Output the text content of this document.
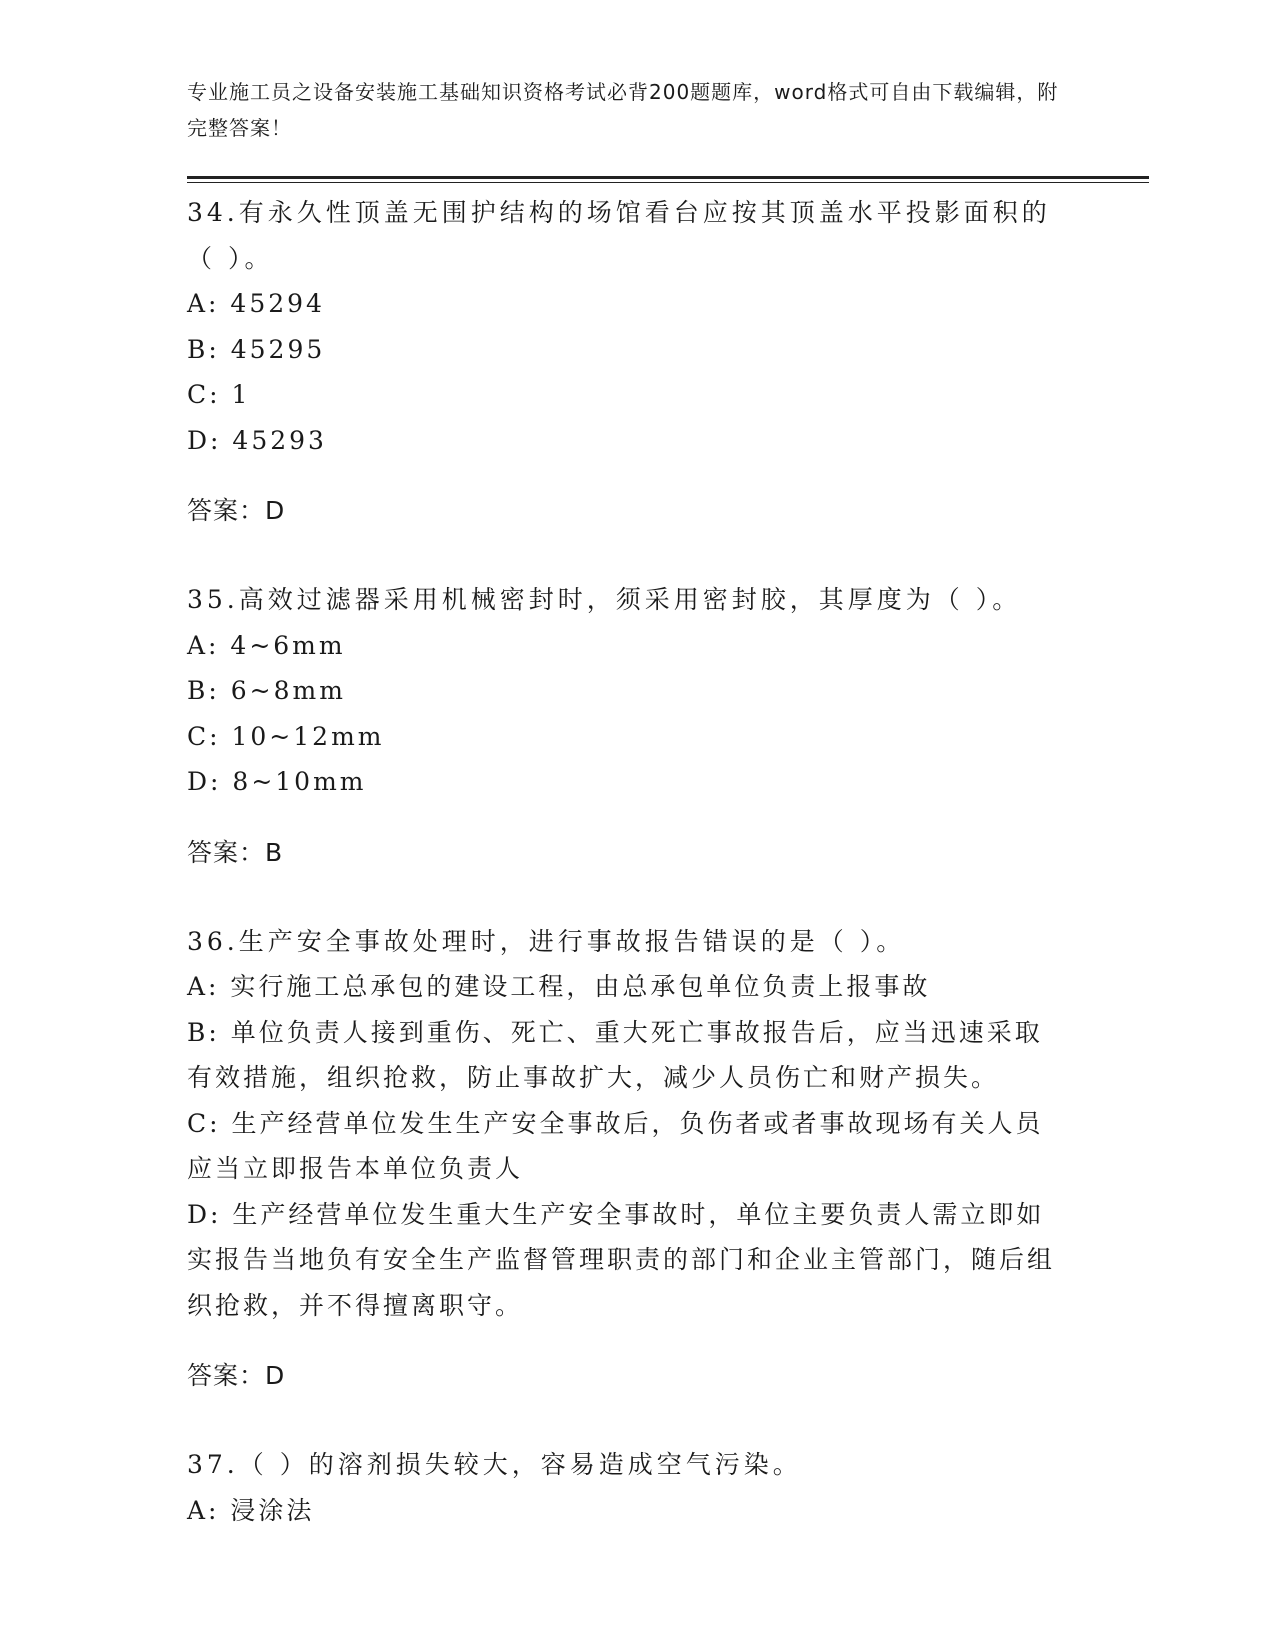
专业施工员之设备安装施工基础知识资格考试必背200题题库，word格式可自由下载编辑，附完整答案！

34.有永久性顶盖无围护结构的场馆看台应按其顶盖水平投影面积的（ ）。

A: 45294

B: 45295

C: 1

D: 45293

答案：D

35.高效过滤器采用机械密封时，须采用密封胶，其厚度为（ ）。

A: 4~6mm

B: 6~8mm

C: 10~12mm

D: 8~10mm

答案：B

36.生产安全事故处理时，进行事故报告错误的是（ ）。

A: 实行施工总承包的建设工程，由总承包单位负责上报事故

B: 单位负责人接到重伤、死亡、重大死亡事故报告后，应当迅速采取有效措施，组织抢救，防止事故扩大，减少人员伤亡和财产损失。

C: 生产经营单位发生生产安全事故后，负伤者或者事故现场有关人员应当立即报告本单位负责人

D: 生产经营单位发生重大生产安全事故时，单位主要负责人需立即如实报告当地负有安全生产监督管理职责的部门和企业主管部门，随后组织抢救，并不得擅离职守。

答案：D

37.（ ）的溶剂损失较大，容易造成空气污染。

A: 浸涂法
